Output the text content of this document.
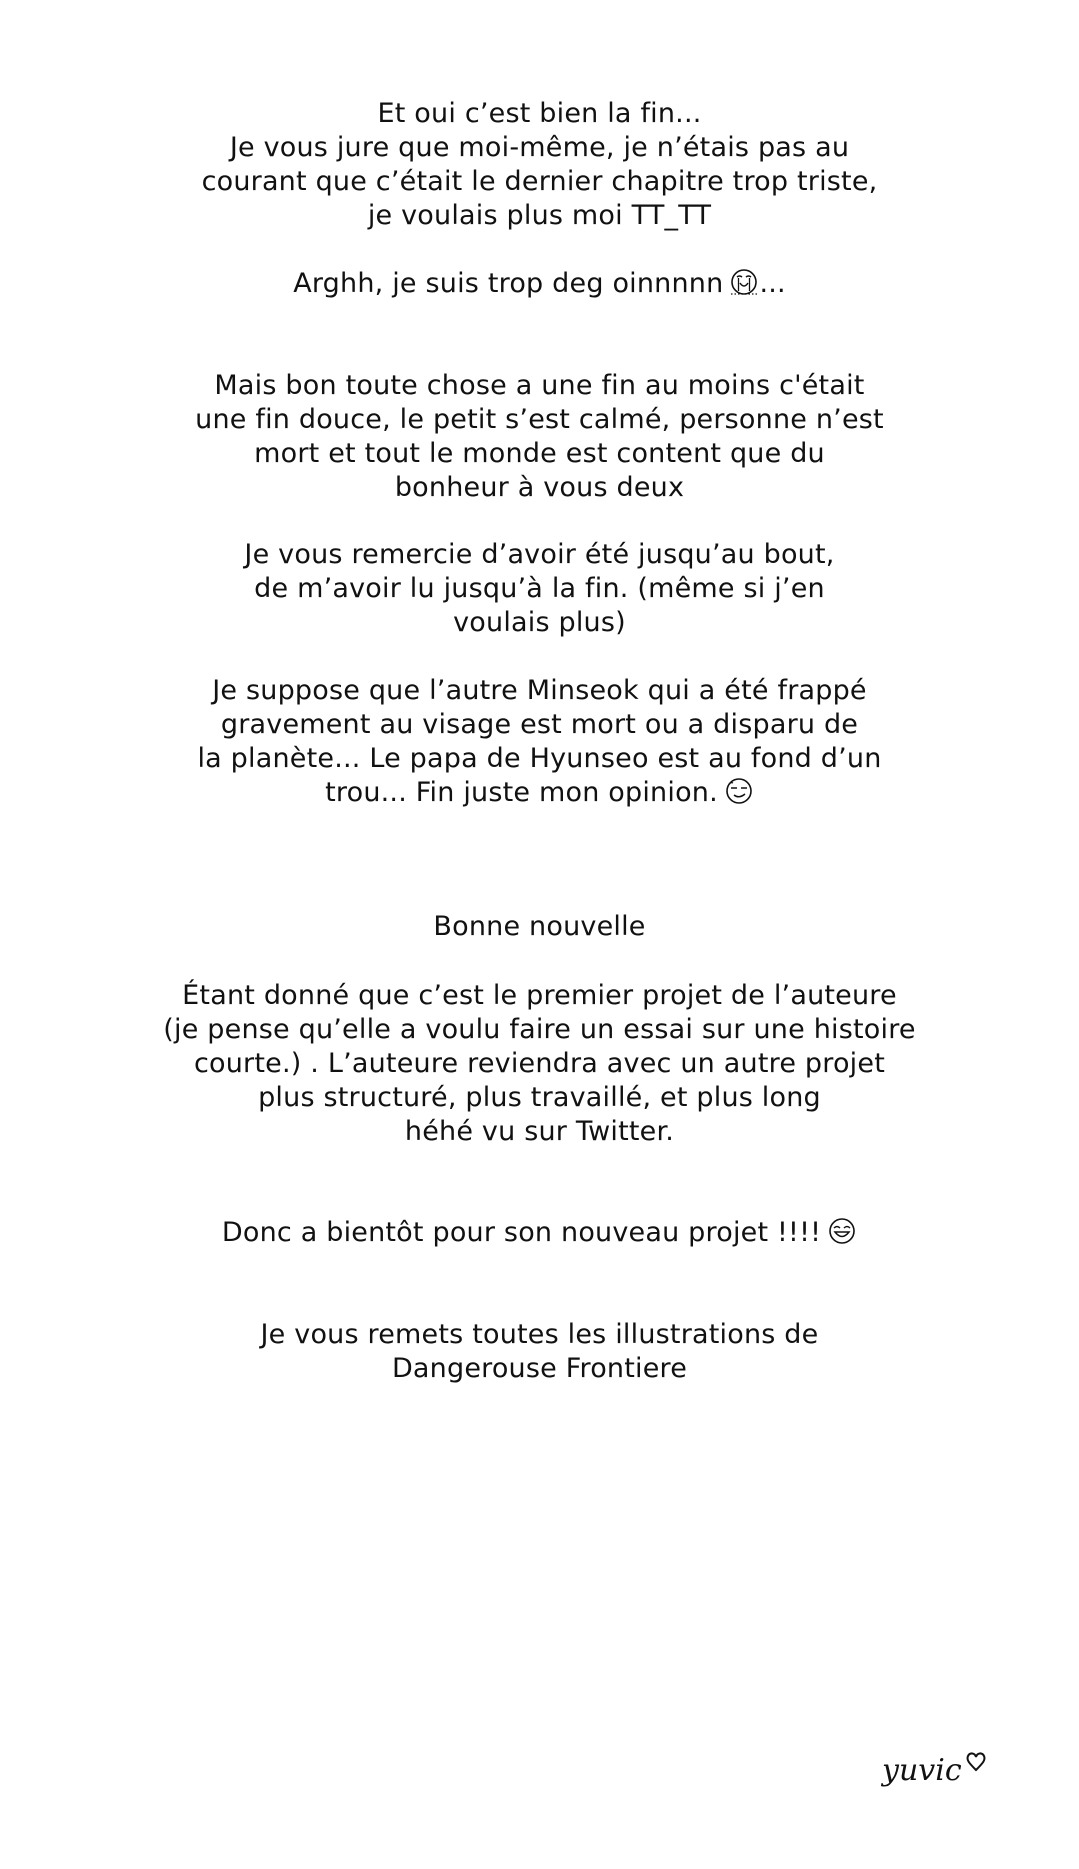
Et oui c’est bien la fin...
Je vous jure que moi-même, je n’étais pas au
courant que c’était le dernier chapitre trop triste,
je voulais plus moi TT_TT
Arghh, je suis trop deg oinnnnn ...
Mais bon toute chose a une fin au moins c'était
une fin douce, le petit s’est calmé, personne n’est
mort et tout le monde est content que du
bonheur à vous deux
Je vous remercie d’avoir été jusqu’au bout,
de m’avoir lu jusqu’à la fin. (même si j’en
voulais plus)
Je suppose que l’autre Minseok qui a été frappé
gravement au visage est mort ou a disparu de
la planète... Le papa de Hyunseo est au fond d’un
trou... Fin juste mon opinion.
Bonne nouvelle
Étant donné que c’est le premier projet de l’auteure
(je pense qu’elle a voulu faire un essai sur une histoire
courte.) . L’auteure reviendra avec un autre projet
plus structuré, plus travaillé, et plus long
héhé vu sur Twitter.
Donc a bientôt pour son nouveau projet !!!!
Je vous remets toutes les illustrations de
Dangerouse Frontiere
yuvic
